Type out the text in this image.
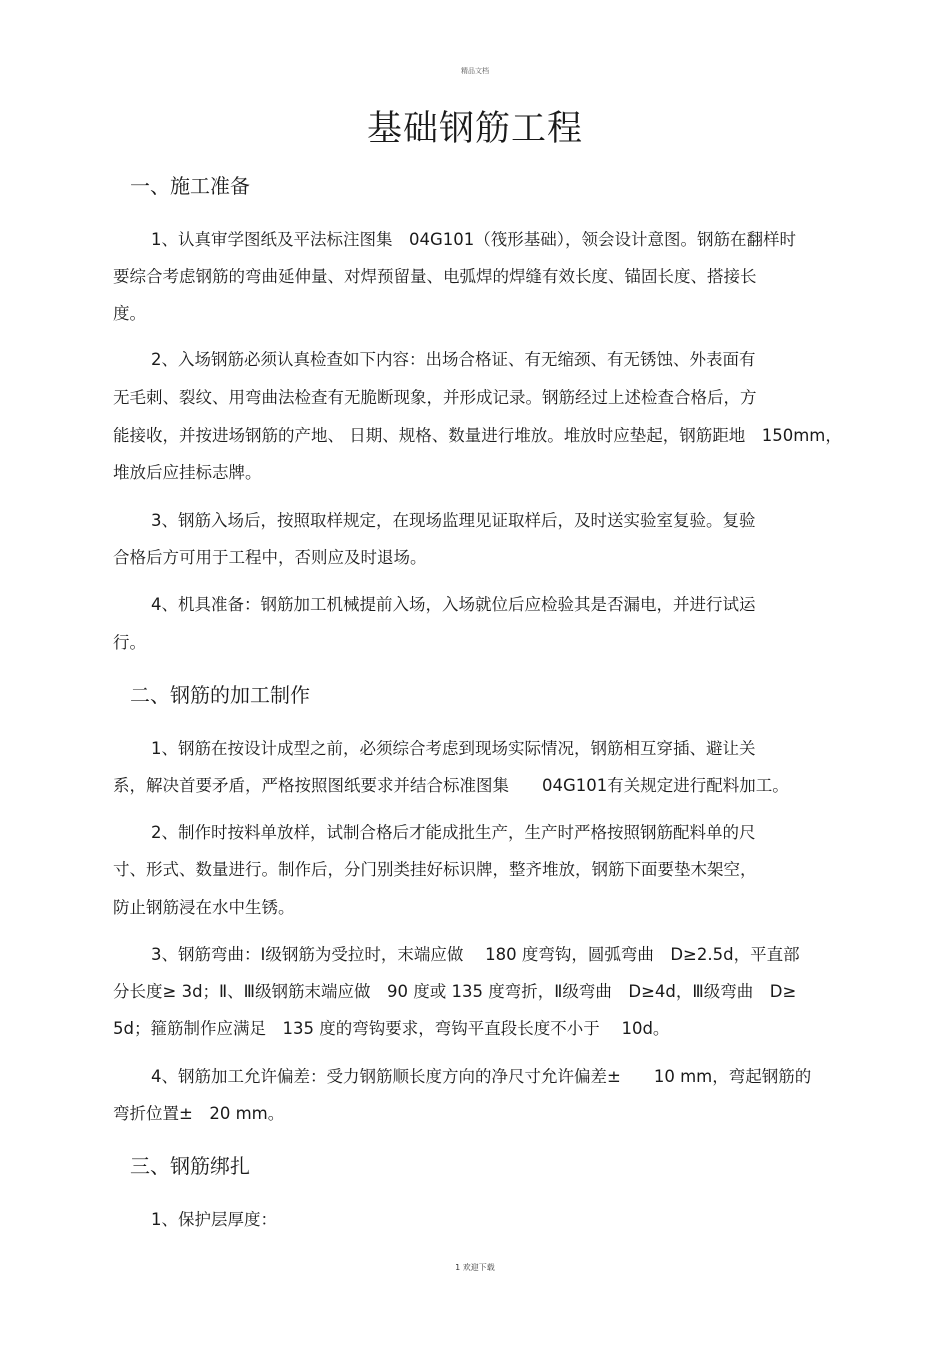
精品文档
基础钢筋工程
一、施工准备
1、认真审学图纸及平法标注图集　04G101（筏形基础），领会设计意图。钢筋在翻样时
要综合考虑钢筋的弯曲延伸量、对焊预留量、电弧焊的焊缝有效长度、锚固长度、搭接长
度。
2、入场钢筋必须认真检查如下内容：出场合格证、有无缩颈、有无锈蚀、外表面有
无毛刺、裂纹、用弯曲法检查有无脆断现象，并形成记录。钢筋经过上述检查合格后，方
能接收，并按进场钢筋的产地、 日期、规格、数量进行堆放。堆放时应垫起，钢筋距地　150mm，
堆放后应挂标志牌。
3、钢筋入场后，按照取样规定，在现场监理见证取样后，及时送实验室复验。复验
合格后方可用于工程中，否则应及时退场。
4、机具准备：钢筋加工机械提前入场，入场就位后应检验其是否漏电，并进行试运
行。
二、钢筋的加工制作
1、钢筋在按设计成型之前，必须综合考虑到现场实际情况，钢筋相互穿插、避让关
系，解决首要矛盾，严格按照图纸要求并结合标准图集　　04G101有关规定进行配料加工。
2、制作时按料单放样，试制合格后才能成批生产，生产时严格按照钢筋配料单的尺
寸、形式、数量进行。制作后，分门别类挂好标识牌，整齐堆放，钢筋下面要垫木架空，
防止钢筋浸在水中生锈。
3、钢筋弯曲：Ⅰ级钢筋为受拉时，末端应做　 180 度弯钩，圆弧弯曲　D≥2.5d，平直部
分长度≥ 3d；Ⅱ、Ⅲ级钢筋末端应做　90 度或 135 度弯折，Ⅱ级弯曲　D≥4d，Ⅲ级弯曲　D≥
5d；箍筋制作应满足　135 度的弯钩要求，弯钩平直段长度不小于　 10d。
4、钢筋加工允许偏差：受力钢筋顺长度方向的净尺寸允许偏差±　　10 mm，弯起钢筋的
弯折位置±　20 mm。
三、钢筋绑扎
1、保护层厚度：
1 欢迎下载
